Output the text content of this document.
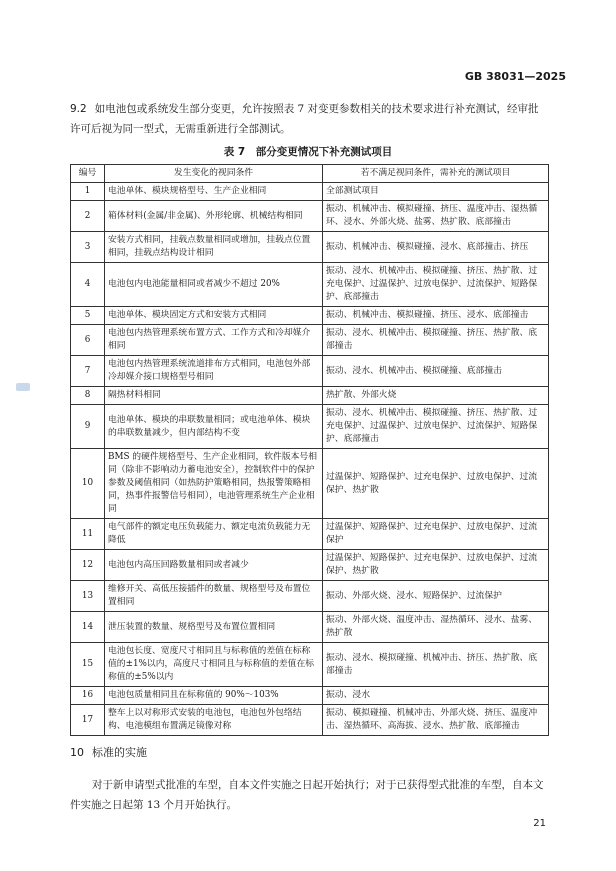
GB 38031—2025
9.2 如电池包或系统发生部分变更，允许按照表 7 对变更参数相关的技术要求进行补充测试，经审批许可后视为同一型式，无需重新进行全部测试。
表 7　部分变更情况下补充测试项目
编号	发生变化的视同条件	若不满足视同条件，需补充的测试项目
1	电池单体、模块规格型号、生产企业相同	全部测试项目
2	箱体材料(金属/非金属)、外形轮廓、机械结构相同	振动、机械冲击、模拟碰撞、挤压、温度冲击、湿热循环、浸水、外部火烧、盐雾、热扩散、底部撞击
3	安装方式相同，挂载点数量相同或增加，挂载点位置相同，挂载点结构设计相同	振动、机械冲击、模拟碰撞、浸水、底部撞击、挤压
4	电池包内电池能量相同或者减少不超过 20%	振动、浸水、机械冲击、模拟碰撞、挤压、热扩散、过充电保护、过温保护、过放电保护、过流保护、短路保护、底部撞击
5	电池单体、模块固定方式和安装方式相同	振动、机械冲击、模拟碰撞、挤压、浸水、底部撞击
6	电池包内热管理系统布置方式、工作方式和冷却媒介相同	振动、浸水、机械冲击、模拟碰撞、挤压、热扩散、底部撞击
7	电池包内热管理系统流道排布方式相同，电池包外部冷却媒介接口规格型号相同	振动、浸水、机械冲击、模拟碰撞、底部撞击
8	隔热材料相同	热扩散、外部火烧
9	电池单体、模块的串联数量相同；或电池单体、模块的串联数量减少，但内部结构不变	振动、浸水、机械冲击、模拟碰撞、挤压、热扩散、过充电保护、过温保护、过放电保护、过流保护、短路保护、底部撞击
10	BMS 的硬件规格型号、生产企业相同，软件版本号相同（除非不影响动力蓄电池安全），控制软件中的保护参数及阈值相同（如热防护策略相同，热报警策略相同，热事件报警信号相同），电池管理系统生产企业相同	过温保护、短路保护、过充电保护、过放电保护、过流保护、热扩散
11	电气部件的额定电压负载能力、额定电流负载能力无降低	过温保护、短路保护、过充电保护、过放电保护、过流保护
12	电池包内高压回路数量相同或者减少	过温保护、短路保护、过充电保护、过放电保护、过流保护、热扩散
13	维修开关、高低压接插件的数量、规格型号及布置位置相同	振动、外部火烧、浸水、短路保护、过流保护
14	泄压装置的数量、规格型号及布置位置相同	振动、外部火烧、温度冲击、湿热循环、浸水、盐雾、热扩散
15	电池包长度、宽度尺寸相同且与标称值的差值在标称值的±1%以内，高度尺寸相同且与标称值的差值在标称值的±5%以内	振动、浸水、模拟碰撞、机械冲击、挤压、热扩散、底部撞击
16	电池包质量相同且在标称值的 90%～103%	振动、浸水
17	整车上以对称形式安装的电池包，电池包外包络结构、电池模组布置满足镜像对称	振动、模拟碰撞、机械冲击、外部火烧、挤压、温度冲击、湿热循环、高海拔、浸水、热扩散、底部撞击
10 标准的实施
对于新申请型式批准的车型，自本文件实施之日起开始执行；对于已获得型式批准的车型，自本文件实施之日起第 13 个月开始执行。
21
